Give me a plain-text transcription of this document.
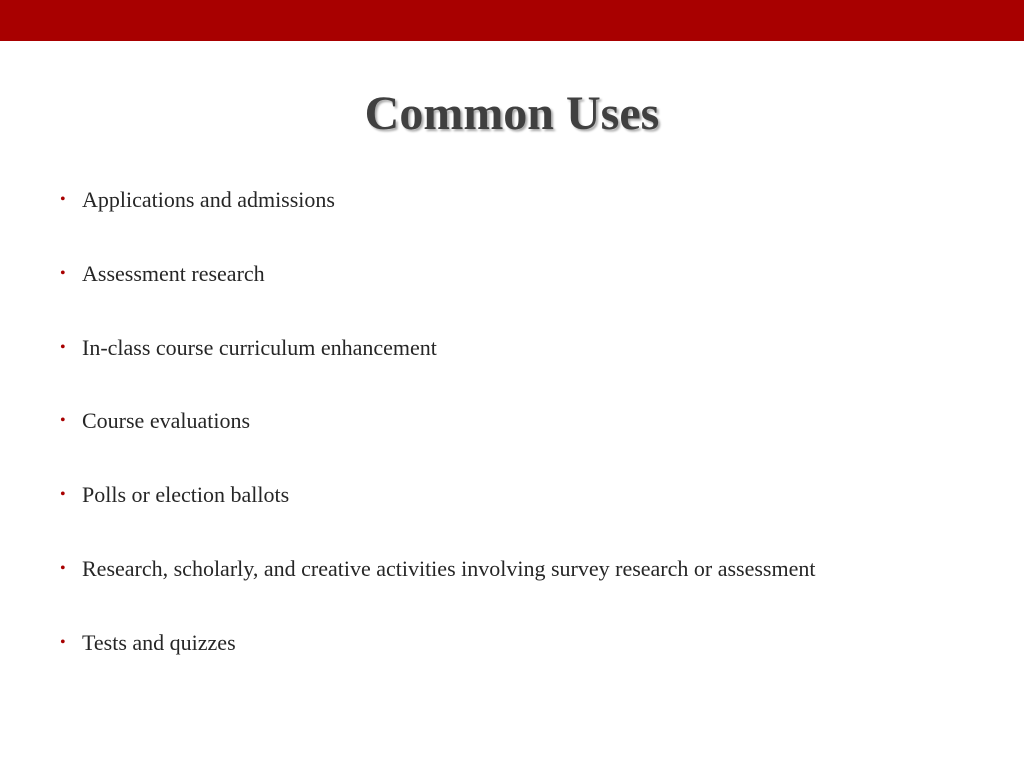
Common Uses
• Applications and admissions
• Assessment research
• In-class course curriculum enhancement
• Course evaluations
• Polls or election ballots
• Research, scholarly, and creative activities involving survey research or assessment
• Tests and quizzes
